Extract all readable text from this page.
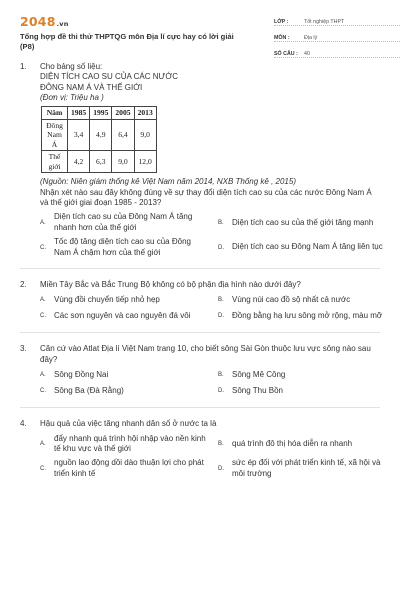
2048.vn
Tổng hợp đề thi thử THPTQG môn Địa lí cực hay có lời giải (P8)
LỚP :	Tốt nghiệp THPT
MÔN :	Địa lý
SỐ CÂU :	40
1. Cho bảng số liệu:
DIỆN TÍCH CAO SU CỦA CÁC NƯỚC
ĐÔNG NAM Á VÀ THẾ GIỚI
(Đơn vị: Triệu ha )
Năm	1985	1995	2005	2013
Đông Nam Á	3,4	4,9	6,4	9,0
Thế giới	4,2	6,3	9,0	12,0
(Nguồn: Niên giám thống kê Việt Nam năm 2014, NXB Thống kê , 2015)
Nhận xét nào sau đây không đúng về sự thay đổi diện tích cao su của các nước Đông Nam Á và thế giới giai đoạn 1985 - 2013?
A.
Diện tích cao su của Đông Nam Á tăng nhanh hơn của thế giới	B. Diện tích cao su của thế giới tăng mạnh
C.
Tốc độ tăng diện tích cao su của Đông Nam Á chậm hơn của thế giới	D. Diện tích cao su Đông Nam Á tăng liên tục
2. Miền Tây Bắc và Bắc Trung Bộ không có bộ phận địa hình nào dưới đây?
A. Vùng đồi chuyển tiếp nhỏ hẹp	B. Vùng núi cao đồ sộ nhất cả nước
C. Các sơn nguyên và cao nguyên đá vôi	D. Đồng bằng hạ lưu sông mở rộng, màu mỡ
3. Căn cứ vào Atlat Địa lí Việt Nam trang 10, cho biết sông Sài Gòn thuộc lưu vực sông nào sau đây?
A. Sông Đồng Nai	B. Sông Mê Công
C. Sông Ba (Đà Rằng)	D. Sông Thu Bồn
4. Hậu quả của việc tăng nhanh dân số ở nước ta là
A.
đẩy nhanh quá trình hội nhập vào nền kinh tế khu vực và thế giới	B. quá trình đô thị hóa diễn ra nhanh
C.
nguồn lao động dồi dào thuận lợi cho phát triển kinh tế	D.
sức ép đối với phát triển kinh tế, xã hội và môi trường
